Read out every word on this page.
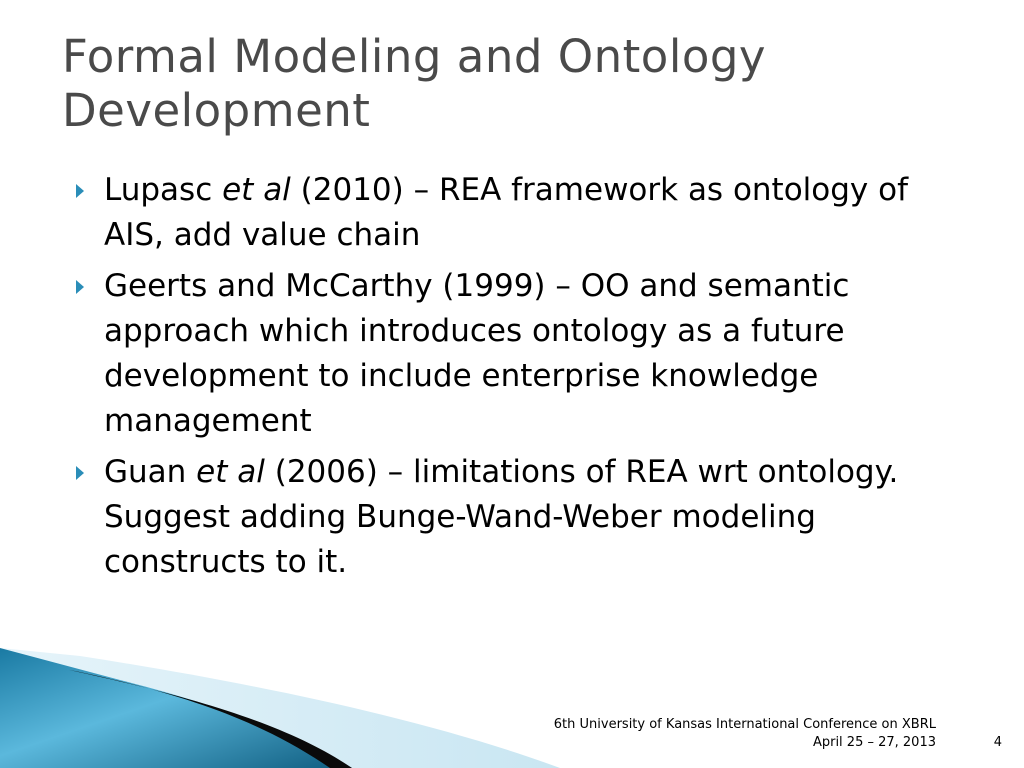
Formal Modeling and Ontology Development
Lupasc et al (2010) – REA framework as ontology of AIS, add value chain
Geerts and McCarthy (1999) – OO and semantic approach which introduces ontology as a future development to include enterprise knowledge management
Guan et al (2006) – limitations of REA wrt ontology. Suggest adding Bunge-Wand-Weber modeling constructs to it.
6th University of Kansas International Conference on XBRL
April 25 – 27, 2013	4
